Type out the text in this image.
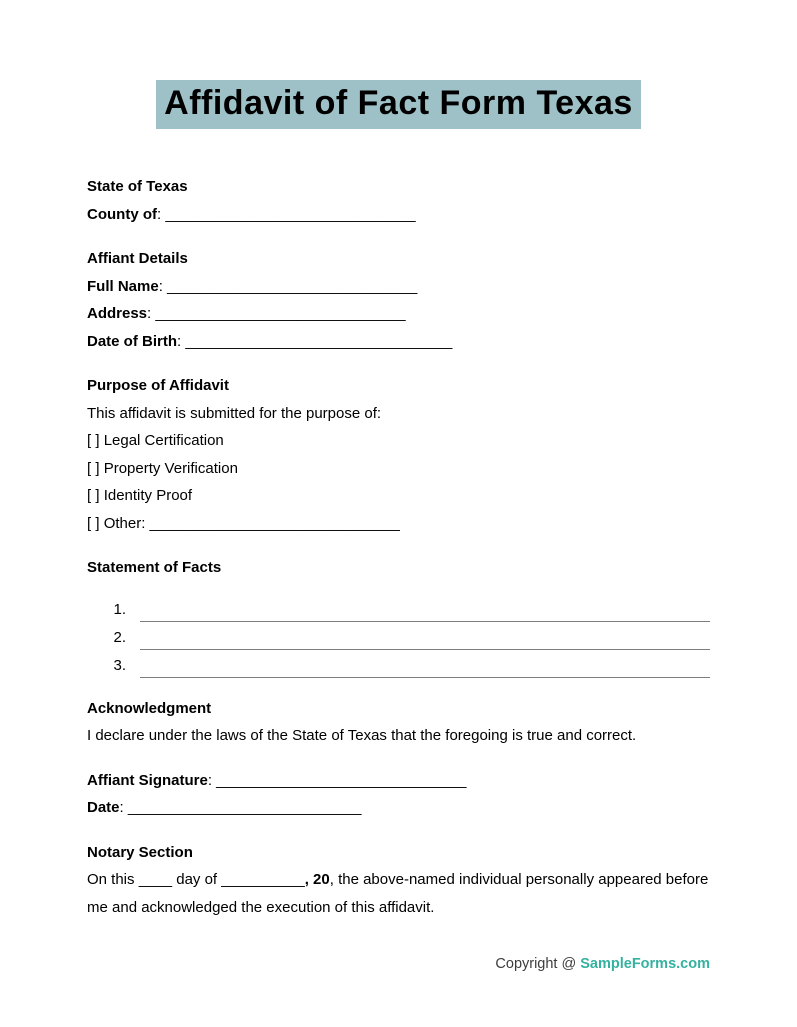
Affidavit of Fact Form Texas
State of Texas
County of: ______________________________
Affiant Details
Full Name: ______________________________
Address: ______________________________
Date of Birth: ________________________________
Purpose of Affidavit
This affidavit is submitted for the purpose of:
[ ] Legal Certification
[ ] Property Verification
[ ] Identity Proof
[ ] Other: ______________________________
Statement of Facts
1.
2.
3.
Acknowledgment
I declare under the laws of the State of Texas that the foregoing is true and correct.
Affiant Signature: ______________________________
Date: ____________________________
Notary Section
On this ____ day of __________, 20, the above-named individual personally appeared before me and acknowledged the execution of this affidavit.
Copyright @ SampleForms.com
